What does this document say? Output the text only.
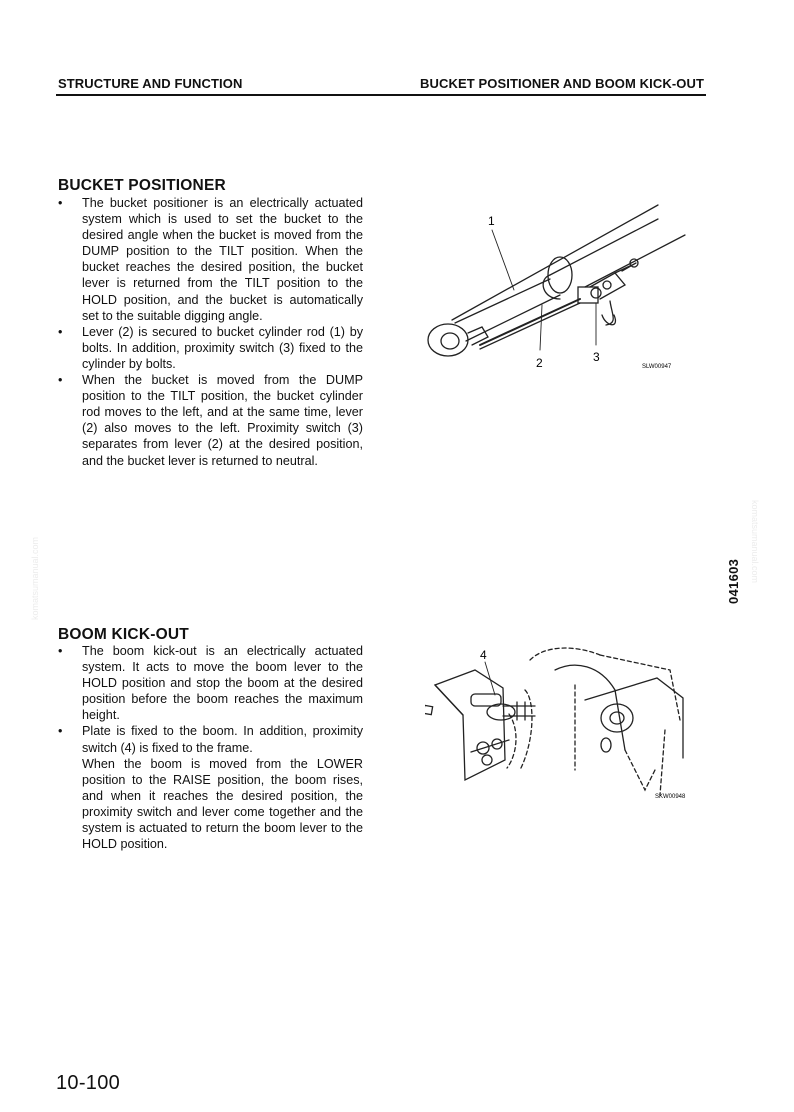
STRUCTURE AND FUNCTION	BUCKET POSITIONER AND BOOM KICK-OUT
BUCKET POSITIONER
• The bucket positioner is an electrically actuated system which is used to set the bucket to the desired angle when the bucket is moved from the DUMP position to the TILT position. When the bucket reaches the desired position, the bucket lever is returned from the TILT position to the HOLD position, and the bucket is automatically set to the suitable digging angle.
• Lever (2) is secured to bucket cylinder rod (1) by bolts. In addition, proximity switch (3) fixed to the cylinder by bolts.
• When the bucket is moved from the DUMP position to the TILT position, the bucket cylinder rod moves to the left, and at the same time, lever (2) also moves to the left. Proximity switch (3) separates from lever (2) at the desired position, and the bucket lever is returned to neutral.
1
2	3
SLW00947
BOOM KICK-OUT
• The boom kick-out is an electrically actuated system. It acts to move the boom lever to the HOLD position and stop the boom at the desired position before the boom reaches the maximum height.
• Plate is fixed to the boom. In addition, proximity switch (4) is fixed to the frame.
When the boom is moved from the LOWER position to the RAISE position, the boom rises, and when it reaches the desired position, the proximity switch and lever come together and the system is actuated to return the boom lever to the HOLD position.
4
SKW00948
041603
komatsumanual.com	komatsumanual.com
10-100
